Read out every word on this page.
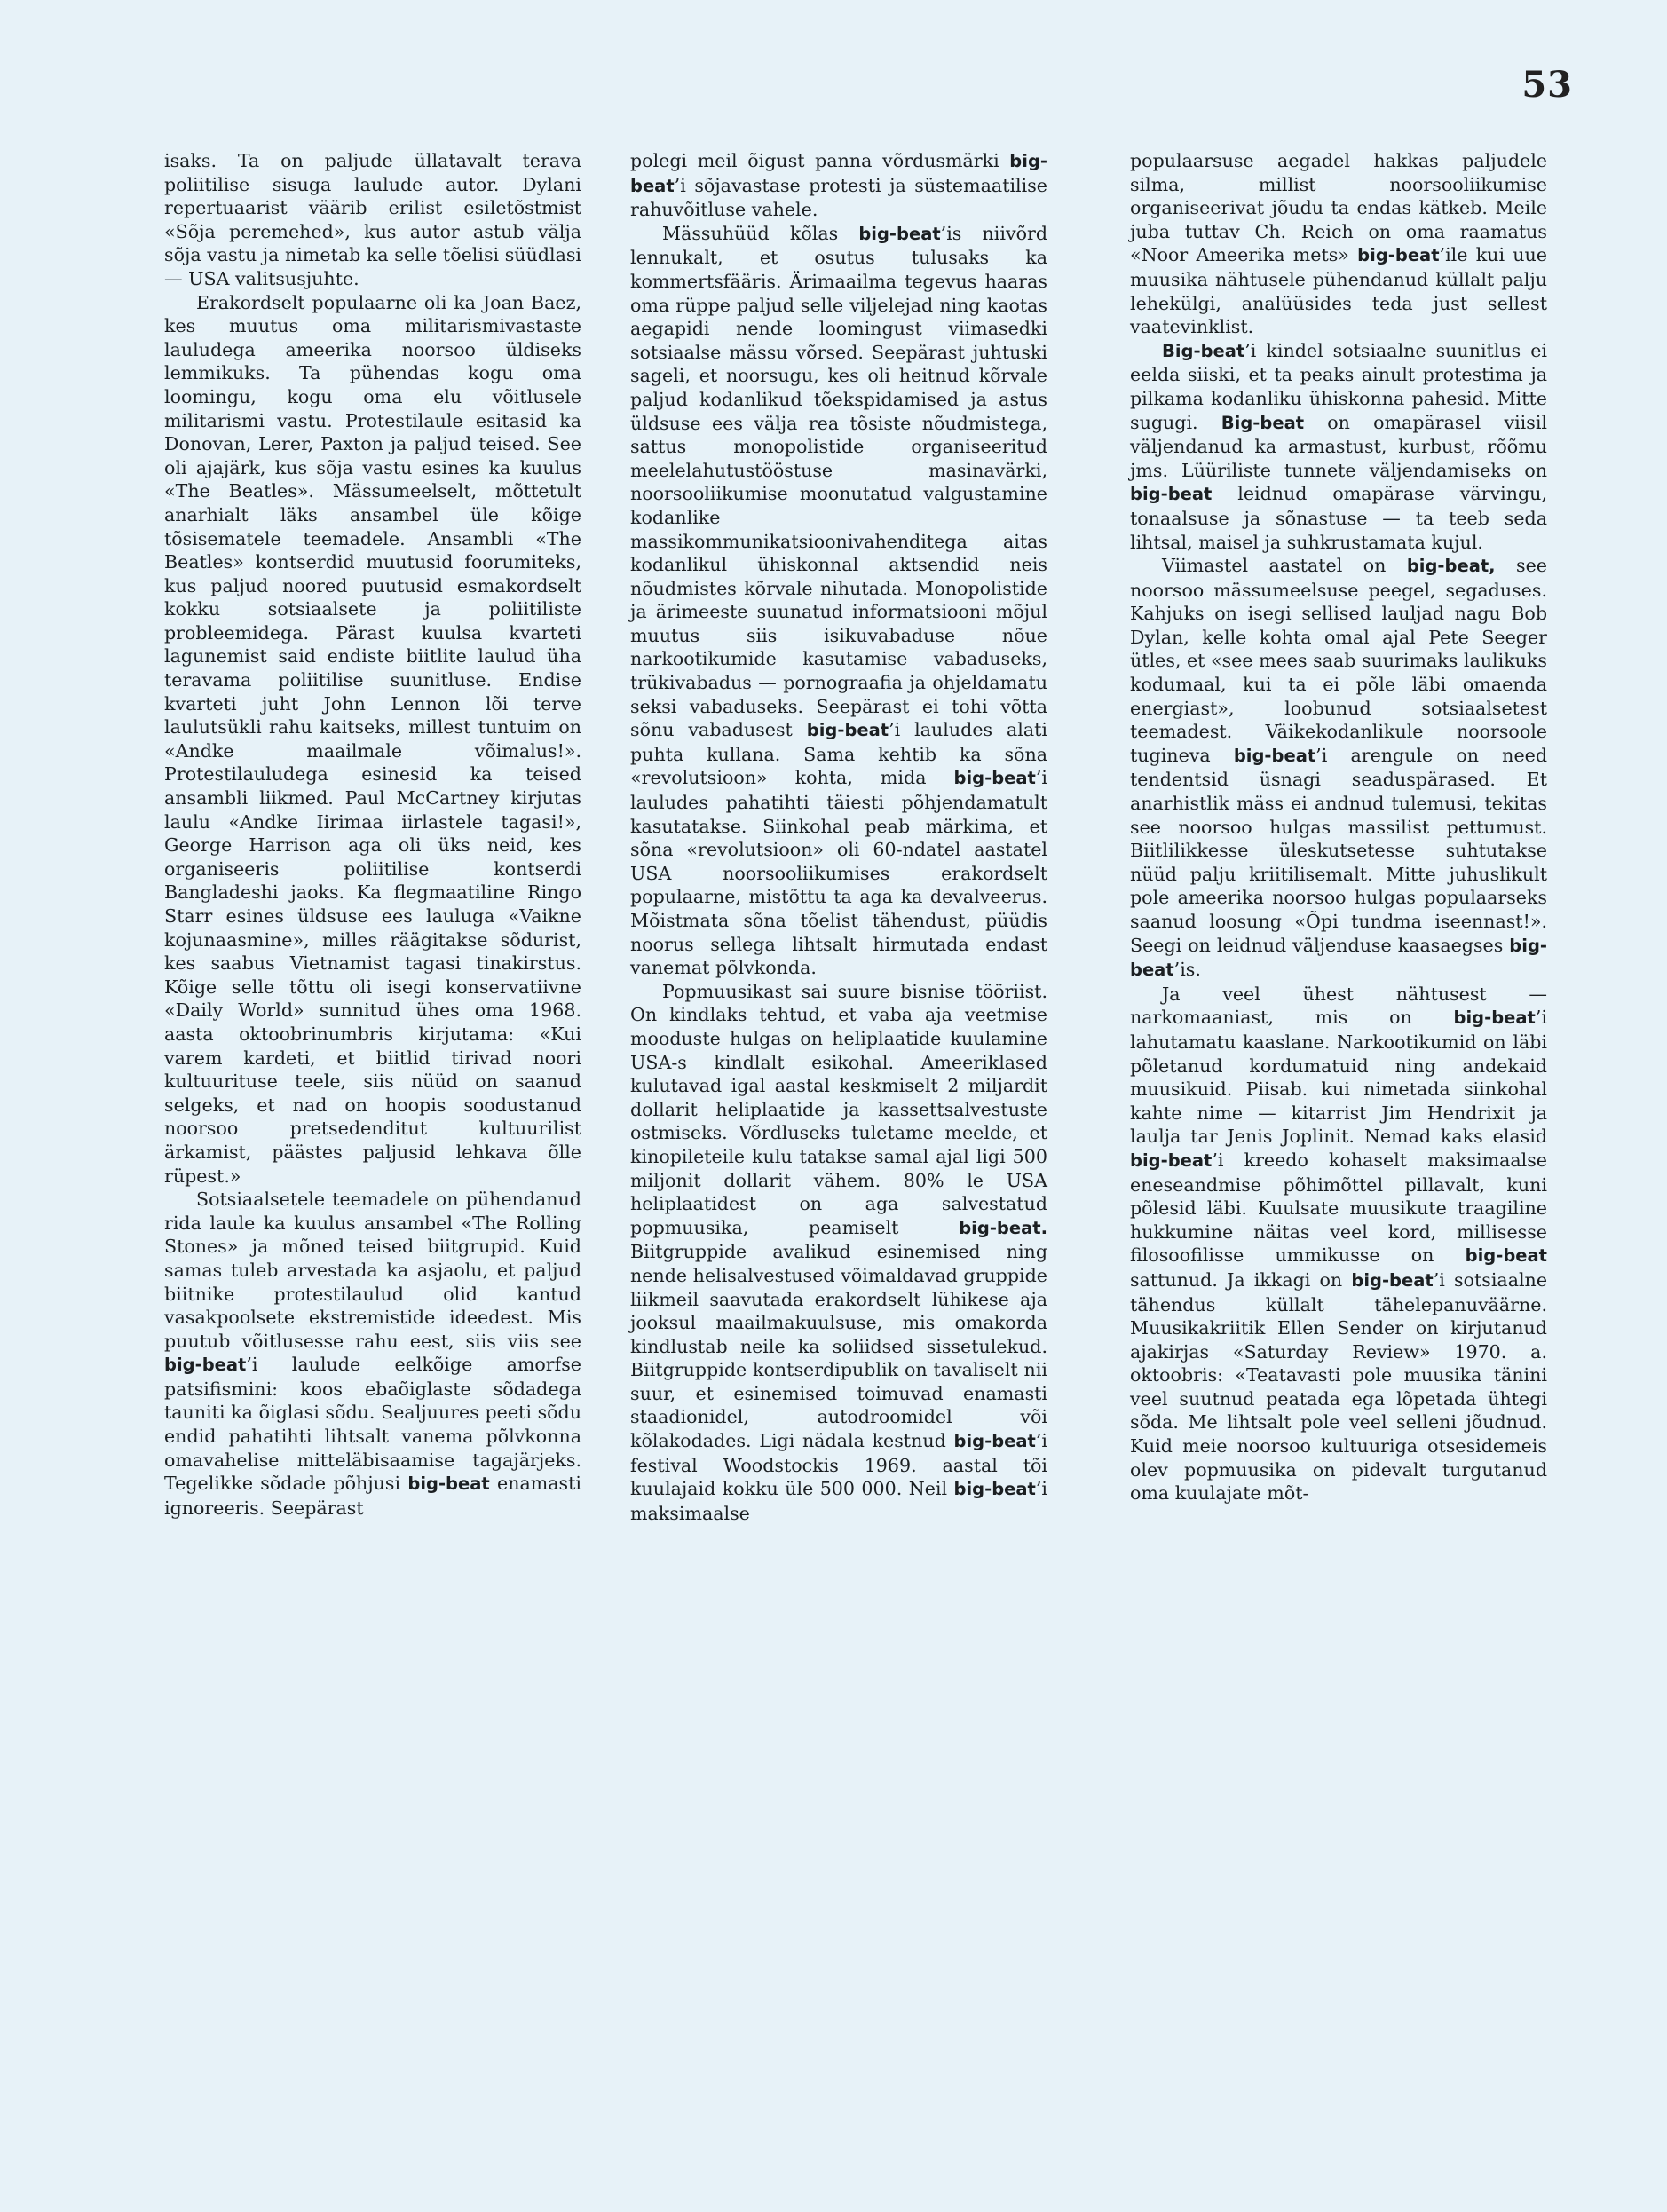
53

isaks. Ta on paljude üllatavalt terava poliitilise sisuga laulude autor. Dylani repertuaarist väärib erilist esiletõstmist «Sõja peremehed», kus autor astub välja sõja vastu ja nimetab ka selle tõelisi süüdlasi — USA valitsusjuhte.

Erakordselt populaarne oli ka Joan Baez, kes muutus oma militarismivastaste lauludega ameerika noorsoo üldiseks lemmikuks. Ta pühendas kogu oma loomingu, kogu oma elu võitlusele militarismi vastu. Protestilaule esitasid ka Donovan, Lerer, Paxton ja paljud teised. See oli ajajärk, kus sõja vastu esines ka kuulus «The Beatles». Mässumeelselt, mõttetult anarhialt läks ansambel üle kõige tõsisematele teemadele. Ansambli «The Beatles» kontserdid muutusid foorumiteks, kus paljud noored puutusid esmakordselt kokku sotsiaalsete ja poliitiliste probleemidega. Pärast kuulsa kvarteti lagunemist said endiste biitlite laulud üha teravama poliitilise suunitluse. Endise kvarteti juht John Lennon lõi terve laulutsükli rahu kaitseks, millest tuntuim on «Andke maailmale võimalus!». Protestilauludega esinesid ka teised ansambli liikmed. Paul McCartney kirjutas laulu «Andke Iirimaa iirlastele tagasi!», George Harrison aga oli üks neid, kes organiseeris poliitilise kontserdi Bangladeshi jaoks. Ka flegmaatiline Ringo Starr esines üldsuse ees lauluga «Vaikne kojunaasmine», milles räägitakse sõdurist, kes saabus Vietnamist tagasi tinakirstus. Kõige selle tõttu oli isegi konservatiivne «Daily World» sunnitud ühes oma 1968. aasta oktoobrinumbris kirjutama: «Kui varem kardeti, et biitlid tirivad noori kultuurituse teele, siis nüüd on saanud selgeks, et nad on hoopis soodustanud noorsoo pretsedenditut kultuurilist ärkamist, päästes paljusid lehkava õlle rüpest.»

Sotsiaalsetele teemadele on pühendanud rida laule ka kuulus ansambel «The Rolling Stones» ja mõned teised biitgrupid. Kuid samas tuleb arvestada ka asjaolu, et paljud biitnike protestilaulud olid kantud vasakpoolsete ekstremistide ideedest. Mis puutub võitlusesse rahu eest, siis viis see big-beat’i laulude eelkõige amorfse patsifismini: koos ebaõiglaste sõdadega tauniti ka õiglasi sõdu. Sealjuures peeti sõdu endid pahatihti lihtsalt vanema põlvkonna omavahelise mitteläbisaamise tagajärjeks. Tegelikke sõdade põhjusi big-beat enamasti ignoreeris. Seepärast

polegi meil õigust panna võrdusmärki big-beat’i sõjavastase protesti ja süstemaatilise rahuvõitluse vahele.

Mässuhüüd kõlas big-beat’is niivõrd lennukalt, et osutus tulusaks ka kommertsfääris. Ärimaailma tegevus haaras oma rüppe paljud selle viljelejad ning kaotas aegapidi nende loomingust viimasedki sotsiaalse mässu võrsed. Seepärast juhtuski sageli, et noorsugu, kes oli heitnud kõrvale paljud kodanlikud tõekspidamised ja astus üldsuse ees välja rea tõsiste nõudmistega, sattus monopolistide organiseeritud meelelahutustööstuse masinavärki, noorsooliikumise moonutatud valgustamine kodanlike massikommunikatsioonivahenditega aitas kodanlikul ühiskonnal aktsendid neis nõudmistes kõrvale nihutada. Monopolistide ja ärimeeste suunatud informatsiooni mõjul muutus siis isikuvabaduse nõue narkootikumide kasutamise vabaduseks, trükivabadus — pornograafia ja ohjeldamatu seksi vabaduseks. Seepärast ei tohi võtta sõnu vabadusest big-beat’i lauludes alati puhta kullana. Sama kehtib ka sõna «revolutsioon» kohta, mida big-beat’i lauludes pahatihti täiesti põhjendamatult kasutatakse. Siinkohal peab märkima, et sõna «revolutsioon» oli 60-ndatel aastatel USA noorsooliikumises erakordselt populaarne, mistõttu ta aga ka devalveerus. Mõistmata sõna tõelist tähendust, püüdis noorus sellega lihtsalt hirmutada endast vanemat põlvkonda.

Popmuusikast sai suure bisnise tööriist. On kindlaks tehtud, et vaba aja veetmise mooduste hulgas on heliplaatide kuulamine USA-s kindlalt esikohal. Ameeriklased kulutavad igal aastal keskmiselt 2 miljardit dollarit heliplaatide ja kassettsalvestuste ostmiseks. Võrdluseks tuletame meelde, et kinopileteile kulu tatakse samal ajal ligi 500 miljonit dollarit vähem. 80% le USA heliplaatidest on aga salvestatud popmuusika, peamiselt big-beat. Biitgruppide avalikud esinemised ning nende helisalvestused võimaldavad gruppide liikmeil saavutada erakordselt lühikese aja jooksul maailmakuulsuse, mis omakorda kindlustab neile ka soliidsed sissetulekud. Biitgruppide kontserdipublik on tavaliselt nii suur, et esinemised toimuvad enamasti staadionidel, autodroomidel või kõlakodades. Ligi nädala kestnud big-beat’i festival Woodstockis 1969. aastal tõi kuulajaid kokku üle 500 000. Neil big-beat’i maksimaalse

populaarsuse aegadel hakkas paljudele silma, millist noorsooliikumise organiseerivat jõudu ta endas kätkeb. Meile juba tuttav Ch. Reich on oma raamatus «Noor Ameerika mets» big-beat’ile kui uue muusika nähtusele pühendanud küllalt palju lehekülgi, analüüsides teda just sellest vaatevinklist.

Big-beat’i kindel sotsiaalne suunitlus ei eelda siiski, et ta peaks ainult protestima ja pilkama kodanliku ühiskonna pahesid. Mitte sugugi. Big-beat on omapärasel viisil väljendanud ka armastust, kurbust, rõõmu jms. Lüüriliste tunnete väljendamiseks on big-beat leidnud omapärase värvingu, tonaalsuse ja sõnastuse — ta teeb seda lihtsal, maisel ja suhkrustamata kujul.

Viimastel aastatel on big-beat, see noorsoo mässumeelsuse peegel, segaduses. Kahjuks on isegi sellised lauljad nagu Bob Dylan, kelle kohta omal ajal Pete Seeger ütles, et «see mees saab suurimaks laulikuks kodumaal, kui ta ei põle läbi omaenda energiast», loobunud sotsiaalsetest teemadest. Väikekodanlikule noorsoole tugineva big-beat’i arengule on need tendentsid üsnagi seaduspärased. Et anarhistlik mäss ei andnud tulemusi, tekitas see noorsoo hulgas massilist pettumust. Biitlilikkesse üleskutsetesse suhtutakse nüüd palju kriitilisemalt. Mitte juhuslikult pole ameerika noorsoo hulgas populaarseks saanud loosung «Õpi tundma iseennast!». Seegi on leidnud väljenduse kaasaegses big-beat’is.

Ja veel ühest nähtusest — narkomaaniast, mis on big-beat’i lahutamatu kaaslane. Narkootikumid on läbi põletanud kordumatuid ning andekaid muusikuid. Piisab. kui nimetada siinkohal kahte nime — kitarrist Jim Hendrixit ja laulja tar Jenis Joplinit. Nemad kaks elasid big-beat’i kreedo kohaselt maksimaalse eneseandmise põhimõttel pillavalt, kuni põlesid läbi. Kuulsate muusikute traagiline hukkumine näitas veel kord, millisesse filosoofilisse ummikusse on big-beat sattunud. Ja ikkagi on big-beat’i sotsiaalne tähendus küllalt tähelepanuväärne. Muusikakriitik Ellen Sender on kirjutanud ajakirjas «Saturday Review» 1970. a. oktoobris: «Teatavasti pole muusika tänini veel suutnud peatada ega lõpetada ühtegi sõda. Me lihtsalt pole veel selleni jõudnud. Kuid meie noorsoo kultuuriga otsesidemeis olev popmuusika on pidevalt turgutanud oma kuulajate mõt-
